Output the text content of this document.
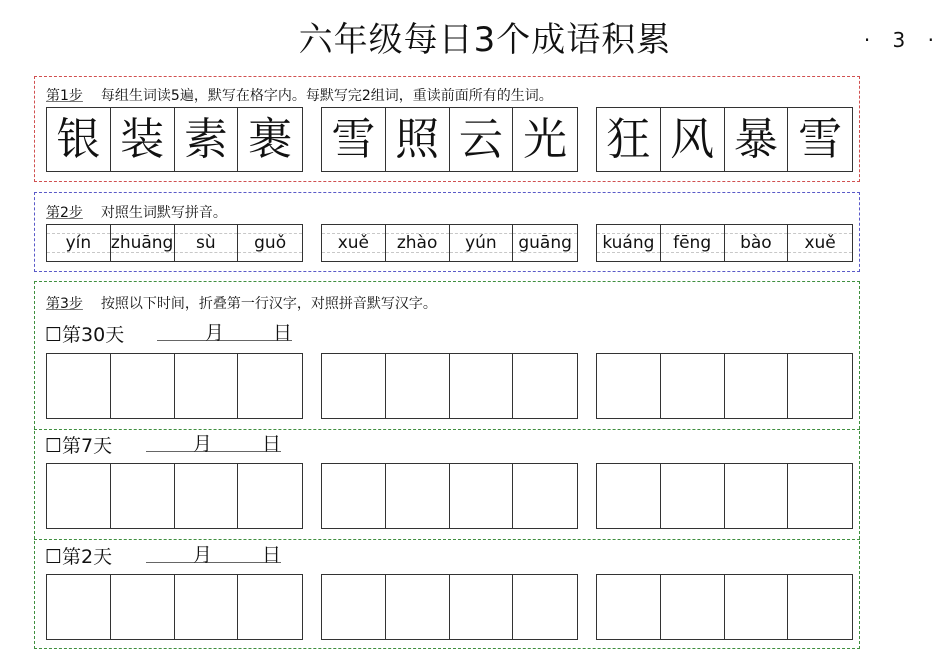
六年级每日3个成语积累	· 3 ·
第1步 每组生词读5遍，默写在格字内。每默写完2组词，重读前面所有的生词。
银 装 素 裹 雪 照 云 光 狂 风 暴 雪
第2步 对照生词默写拼音。
yín zhuāng sù guǒ	xuě zhào yún guāng kuáng fēng bào xuě
第3步 按照以下时间，折叠第一行汉字，对照拼音默写汉字。
☐第30天	月	日
☐第7天	月	日
☐第2天	月	日
